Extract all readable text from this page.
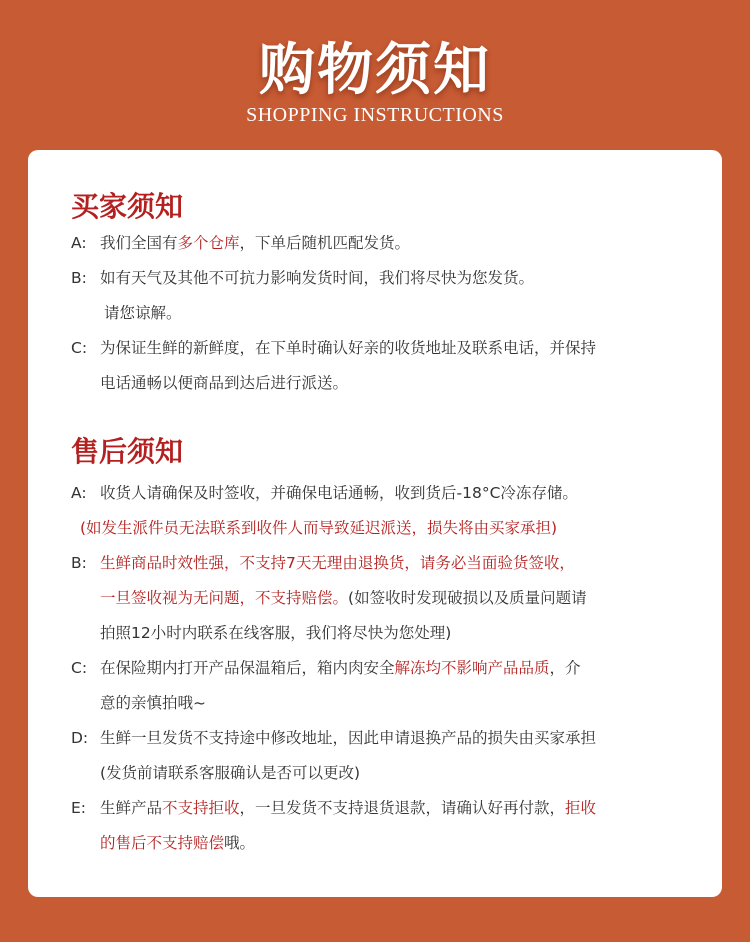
购物须知
SHOPPING INSTRUCTIONS
买家须知
A: 我们全国有多个仓库，下单后随机匹配发货。
B: 如有天气及其他不可抗力影响发货时间，我们将尽快为您发货。
请您谅解。
C: 为保证生鲜的新鲜度，在下单时确认好亲的收货地址及联系电话，并保持
电话通畅以便商品到达后进行派送。
售后须知
A: 收货人请确保及时签收，并确保电话通畅，收到货后-18°C冷冻存储。
(如发生派件员无法联系到收件人而导致延迟派送，损失将由买家承担)
B: 生鲜商品时效性强，不支持7天无理由退换货，请务必当面验货签收，
一旦签收视为无问题，不支持赔偿。(如签收时发现破损以及质量问题请
拍照12小时内联系在线客服，我们将尽快为您处理)
C: 在保险期内打开产品保温箱后，箱内肉安全解冻均不影响产品品质，介
意的亲慎拍哦~
D: 生鲜一旦发货不支持途中修改地址，因此申请退换产品的损失由买家承担
(发货前请联系客服确认是否可以更改)
E: 生鲜产品不支持拒收，一旦发货不支持退货退款，请确认好再付款，拒收
的售后不支持赔偿哦。
